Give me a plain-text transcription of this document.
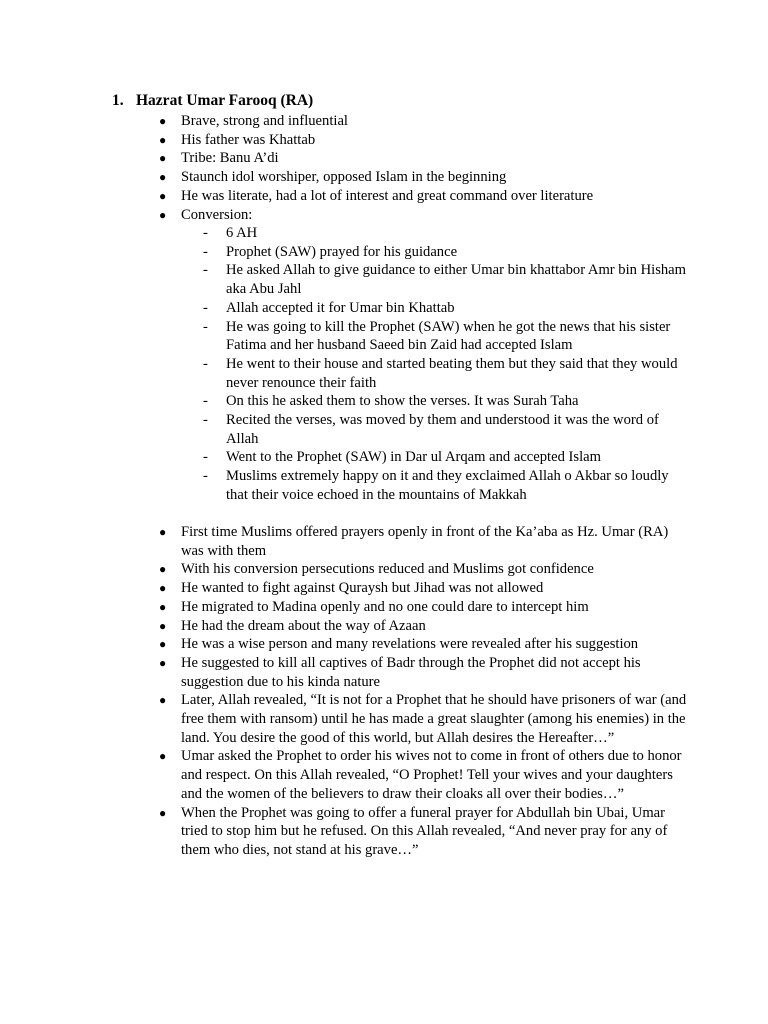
1. Hazrat Umar Farooq (RA)
● Brave, strong and influential
● His father was Khattab
● Tribe: Banu A’di
● Staunch idol worshiper, opposed Islam in the beginning
● He was literate, had a lot of interest and great command over literature
● Conversion:
- 6 AH
- Prophet (SAW) prayed for his guidance
- He asked Allah to give guidance to either Umar bin khattabor Amr bin Hisham aka Abu Jahl
- Allah accepted it for Umar bin Khattab
- He was going to kill the Prophet (SAW) when he got the news that his sister Fatima and her husband Saeed bin Zaid had accepted Islam
- He went to their house and started beating them but they said that they would never renounce their faith
- On this he asked them to show the verses. It was Surah Taha
- Recited the verses, was moved by them and understood it was the word of Allah
- Went to the Prophet (SAW) in Dar ul Arqam and accepted Islam
- Muslims extremely happy on it and they exclaimed Allah o Akbar so loudly that their voice echoed in the mountains of Makkah
● First time Muslims offered prayers openly in front of the Ka’aba as Hz. Umar (RA) was with them
● With his conversion persecutions reduced and Muslims got confidence
● He wanted to fight against Quraysh but Jihad was not allowed
● He migrated to Madina openly and no one could dare to intercept him
● He had the dream about the way of Azaan
● He was a wise person and many revelations were revealed after his suggestion
● He suggested to kill all captives of Badr through the Prophet did not accept his suggestion due to his kinda nature
● Later, Allah revealed, “It is not for a Prophet that he should have prisoners of war (and free them with ransom) until he has made a great slaughter (among his enemies) in the land. You desire the good of this world, but Allah desires the Hereafter…”
● Umar asked the Prophet to order his wives not to come in front of others due to honor and respect. On this Allah revealed, “O Prophet! Tell your wives and your daughters and the women of the believers to draw their cloaks all over their bodies…”
● When the Prophet was going to offer a funeral prayer for Abdullah bin Ubai, Umar tried to stop him but he refused. On this Allah revealed, “And never pray for any of them who dies, not stand at his grave…”
